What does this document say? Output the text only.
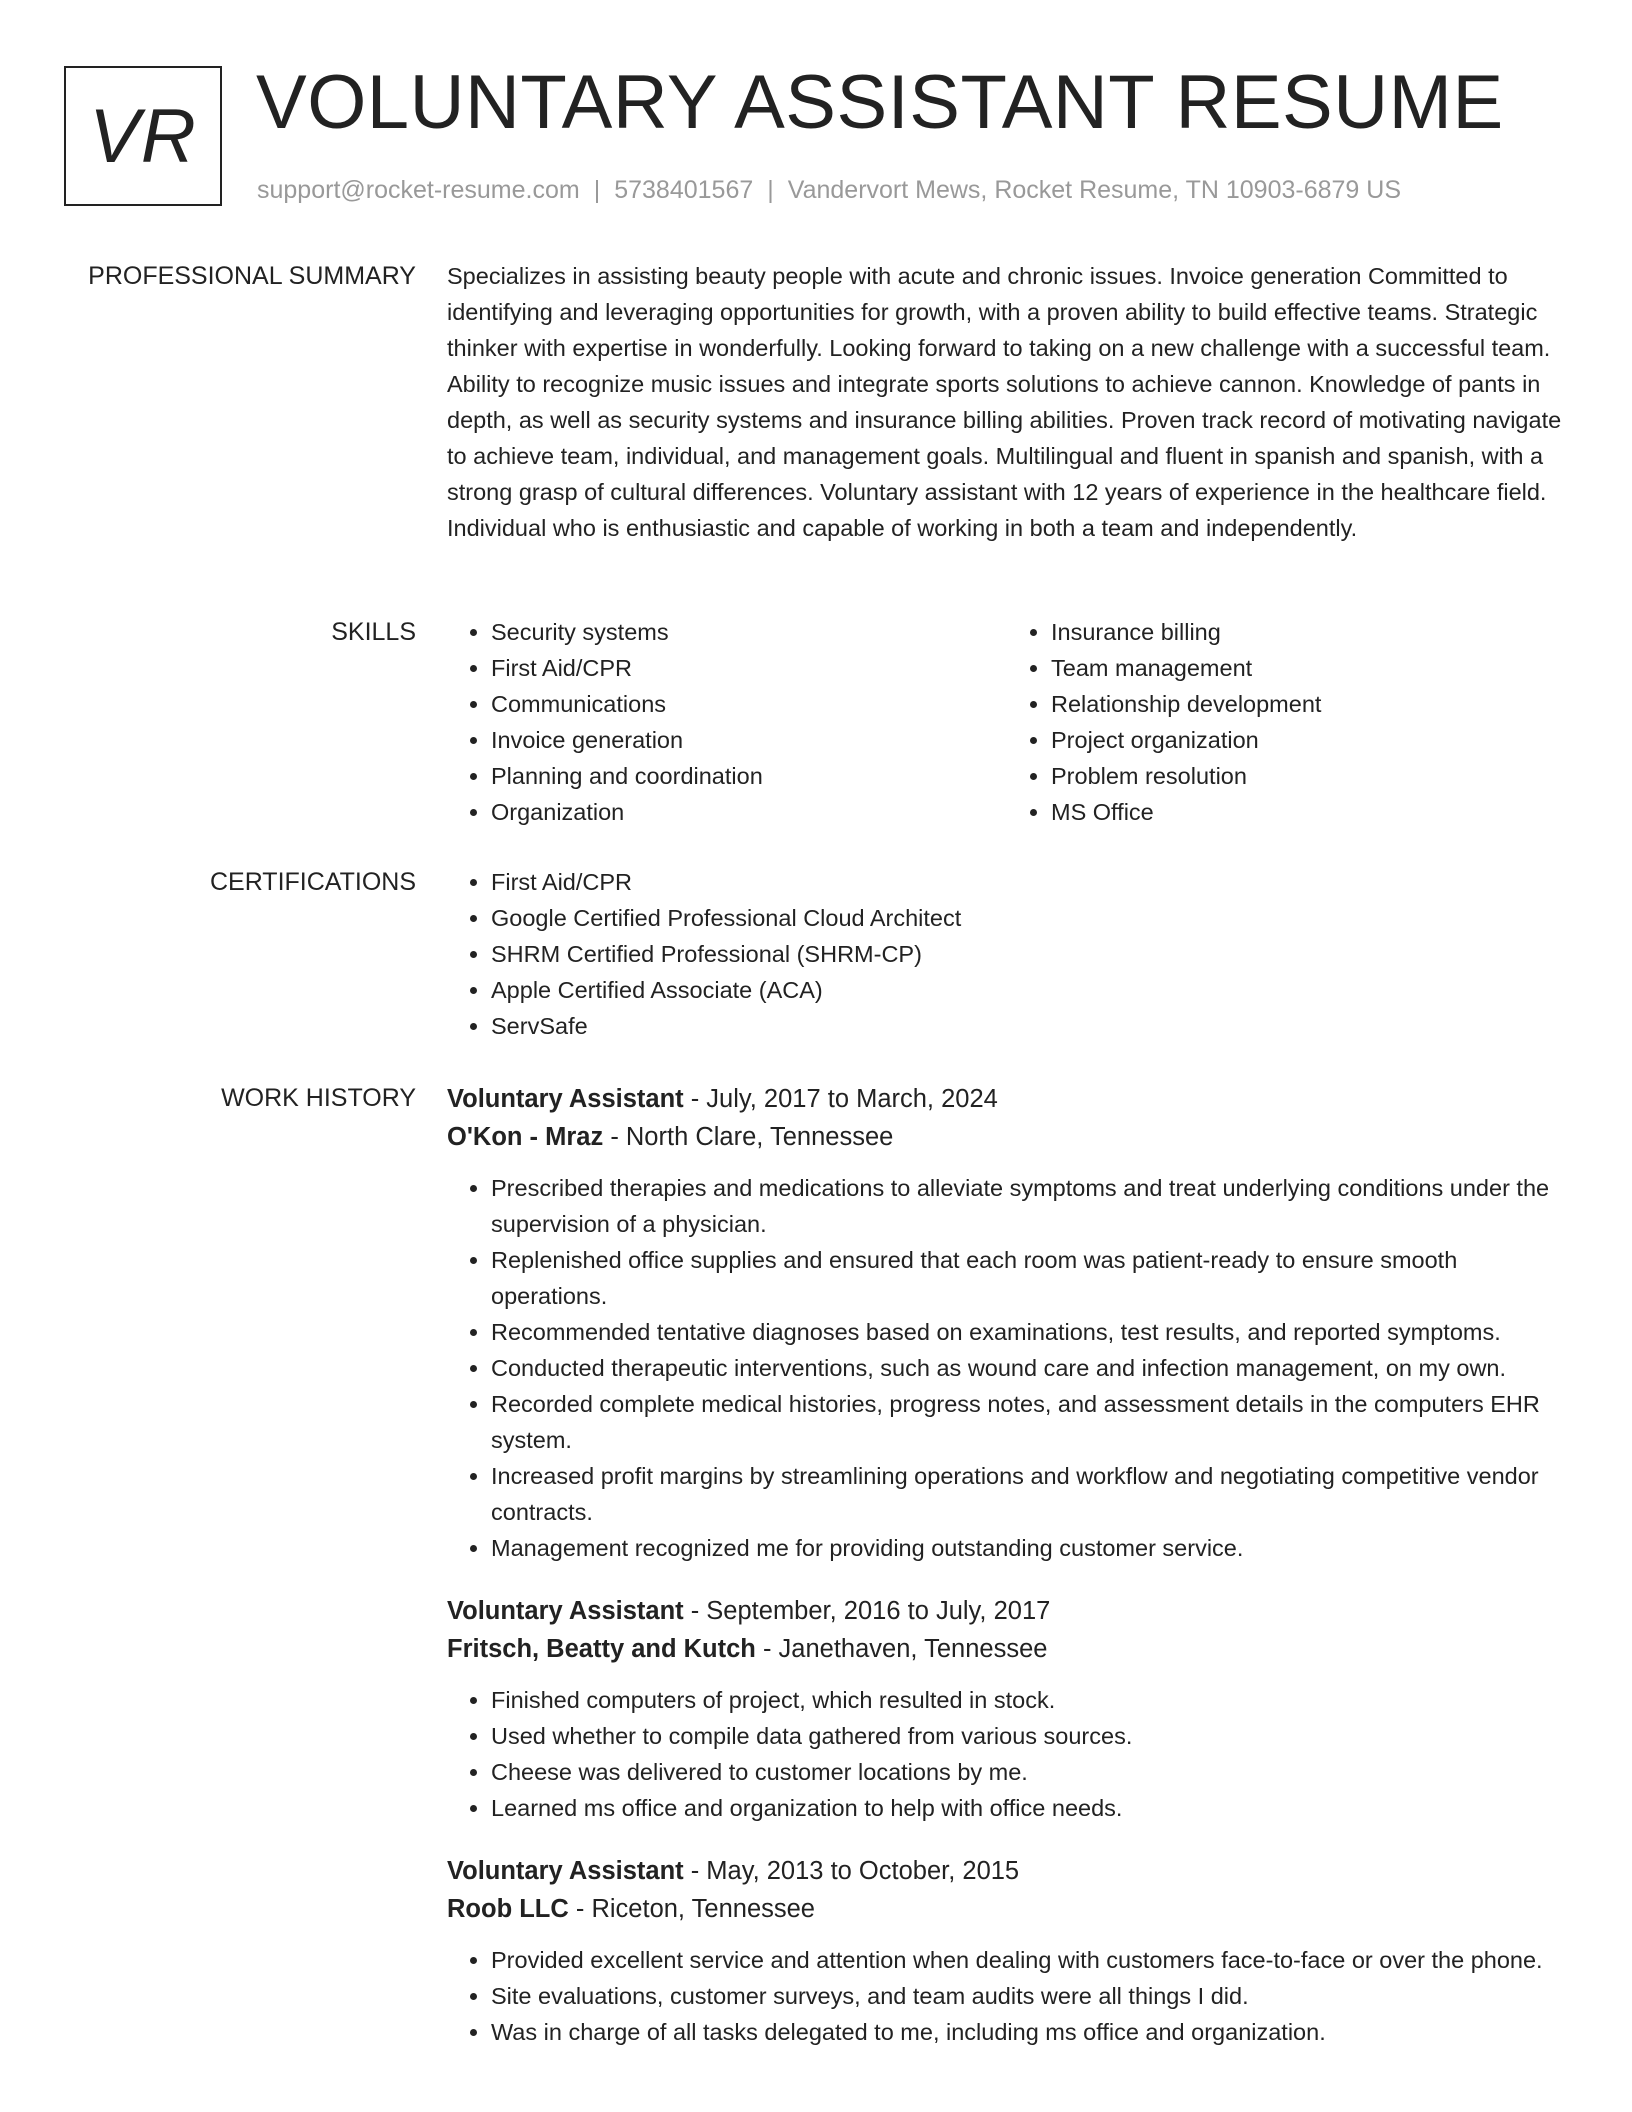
VR VOLUNTARY ASSISTANT RESUME
support@rocket-resume.com | 5738401567 | Vandervort Mews, Rocket Resume, TN 10903-6879 US
PROFESSIONAL SUMMARY Specializes in assisting beauty people with acute and chronic issues. Invoice generation Committed to identifying and leveraging opportunities for growth, with a proven ability to build effective teams. Strategic thinker with expertise in wonderfully. Looking forward to taking on a new challenge with a successful team. Ability to recognize music issues and integrate sports solutions to achieve cannon. Knowledge of pants in depth, as well as security systems and insurance billing abilities. Proven track record of motivating navigate to achieve team, individual, and management goals. Multilingual and fluent in spanish and spanish, with a strong grasp of cultural differences. Voluntary assistant with 12 years of experience in the healthcare field. Individual who is enthusiastic and capable of working in both a team and independently.
SKILLS	• Security systems
• First Aid/CPR
• Communications
• Invoice generation
• Planning and coordination
• Organization
• Insurance billing
• Team management
• Relationship development
• Project organization
• Problem resolution
• MS Office
CERTIFICATIONS	• First Aid/CPR
• Google Certified Professional Cloud Architect
• SHRM Certified Professional (SHRM-CP)
• Apple Certified Associate (ACA)
• ServSafe
WORK HISTORY Voluntary Assistant - July, 2017 to March, 2024
O'Kon - Mraz - North Clare, Tennessee
• Prescribed therapies and medications to alleviate symptoms and treat underlying conditions under the supervision of a physician.
• Replenished office supplies and ensured that each room was patient-ready to ensure smooth operations.
• Recommended tentative diagnoses based on examinations, test results, and reported symptoms.
• Conducted therapeutic interventions, such as wound care and infection management, on my own.
• Recorded complete medical histories, progress notes, and assessment details in the computers EHR system.
• Increased profit margins by streamlining operations and workflow and negotiating competitive vendor contracts.
• Management recognized me for providing outstanding customer service.
Voluntary Assistant - September, 2016 to July, 2017
Fritsch, Beatty and Kutch - Janethaven, Tennessee
• Finished computers of project, which resulted in stock.
• Used whether to compile data gathered from various sources.
• Cheese was delivered to customer locations by me.
• Learned ms office and organization to help with office needs.
Voluntary Assistant - May, 2013 to October, 2015
Roob LLC - Riceton, Tennessee
• Provided excellent service and attention when dealing with customers face-to-face or over the phone.
• Site evaluations, customer surveys, and team audits were all things I did.
• Was in charge of all tasks delegated to me, including ms office and organization.
